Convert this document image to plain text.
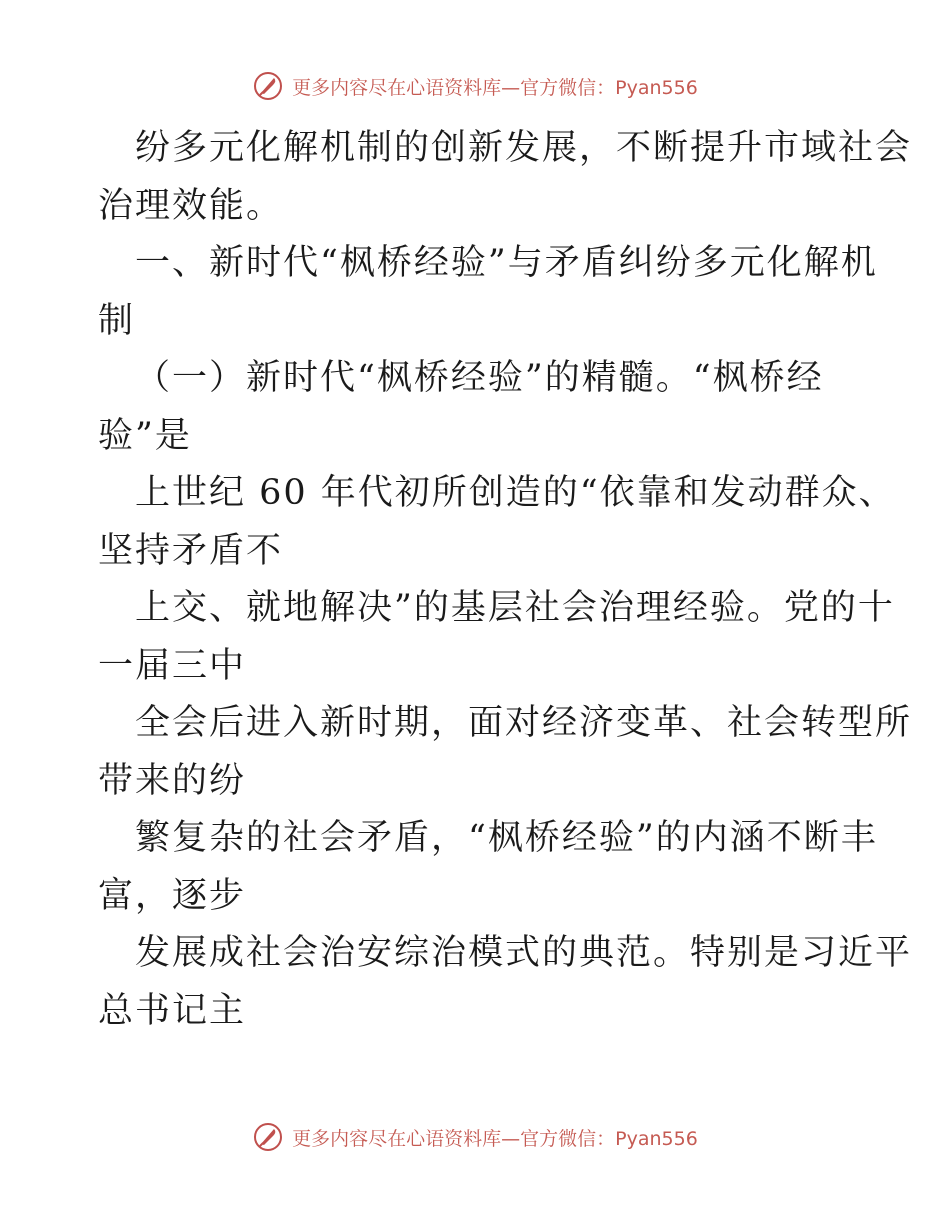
更多内容尽在心语资料库—官方微信：Pyan556
纷多元化解机制的创新发展，不断提升市域社会
治理效能。
一、新时代“枫桥经验”与矛盾纠纷多元化解机
制
（一）新时代“枫桥经验”的精髓。“枫桥经
验”是
上世纪 60 年代初所创造的“依靠和发动群众、
坚持矛盾不
上交、就地解决”的基层社会治理经验。党的十
一届三中
全会后进入新时期，面对经济变革、社会转型所
带来的纷
繁复杂的社会矛盾，“枫桥经验”的内涵不断丰
富，逐步
发展成社会治安综治模式的典范。特别是习近平
总书记主
更多内容尽在心语资料库—官方微信：Pyan556
